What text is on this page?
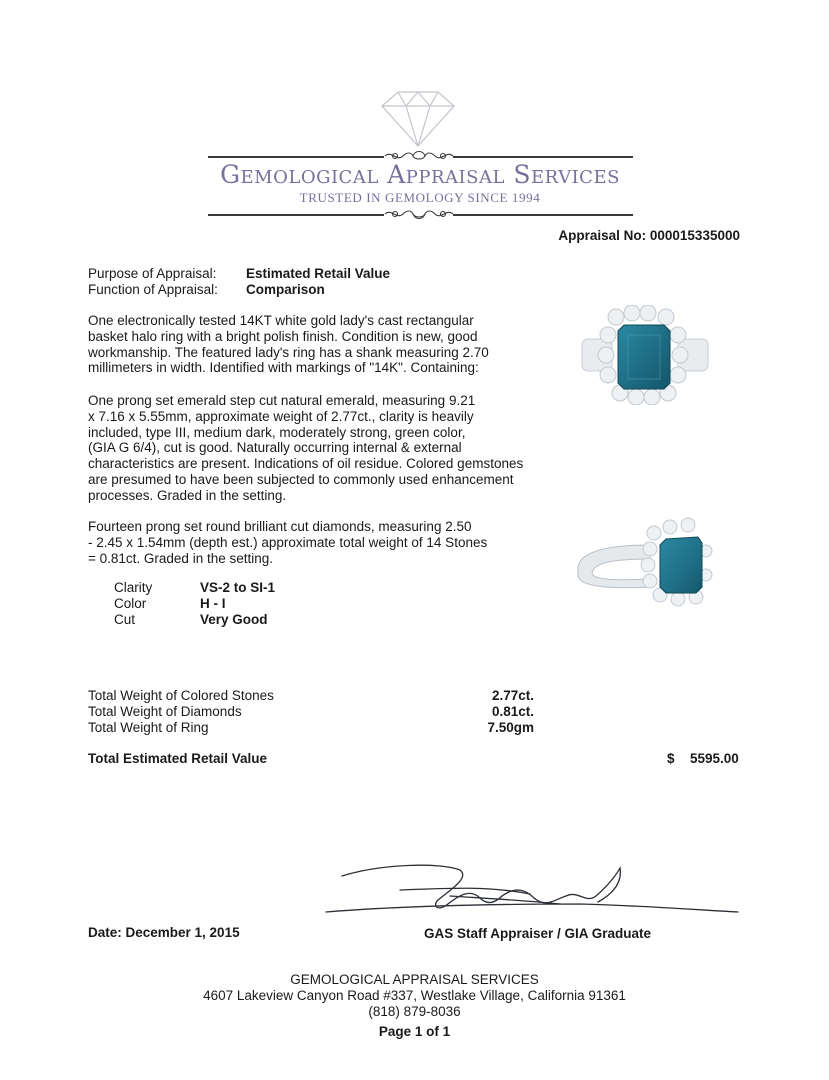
Gemological Appraisal Services
TRUSTED IN GEMOLOGY SINCE 1994
Appraisal No: 000015335000
Purpose of Appraisal: Estimated Retail Value
Function of Appraisal: Comparison
One electronically tested 14KT white gold lady's cast rectangular
basket halo ring with a bright polish finish. Condition is new, good
workmanship. The featured lady's ring has a shank measuring 2.70
millimeters in width. Identified with markings of "14K". Containing:
One prong set emerald step cut natural emerald, measuring 9.21
x 7.16 x 5.55mm, approximate weight of 2.77ct., clarity is heavily
included, type III, medium dark, moderately strong, green color,
(GIA G 6/4), cut is good. Naturally occurring internal & external
characteristics are present. Indications of oil residue. Colored gemstones
are presumed to have been subjected to commonly used enhancement
processes. Graded in the setting.
Fourteen prong set round brilliant cut diamonds, measuring 2.50
- 2.45 x 1.54mm (depth est.) approximate total weight of 14 Stones
= 0.81ct. Graded in the setting.
Clarity	VS-2 to SI-1
Color	H - I
Cut	Very Good
Total Weight of Colored Stones	2.77ct.
Total Weight of Diamonds	0.81ct.
Total Weight of Ring	7.50gm
Total Estimated Retail Value	$ 5595.00
Date: December 1, 2015	GAS Staff Appraiser / GIA Graduate
GEMOLOGICAL APPRAISAL SERVICES
4607 Lakeview Canyon Road #337, Westlake Village, California 91361
(818) 879-8036
Page 1 of 1
